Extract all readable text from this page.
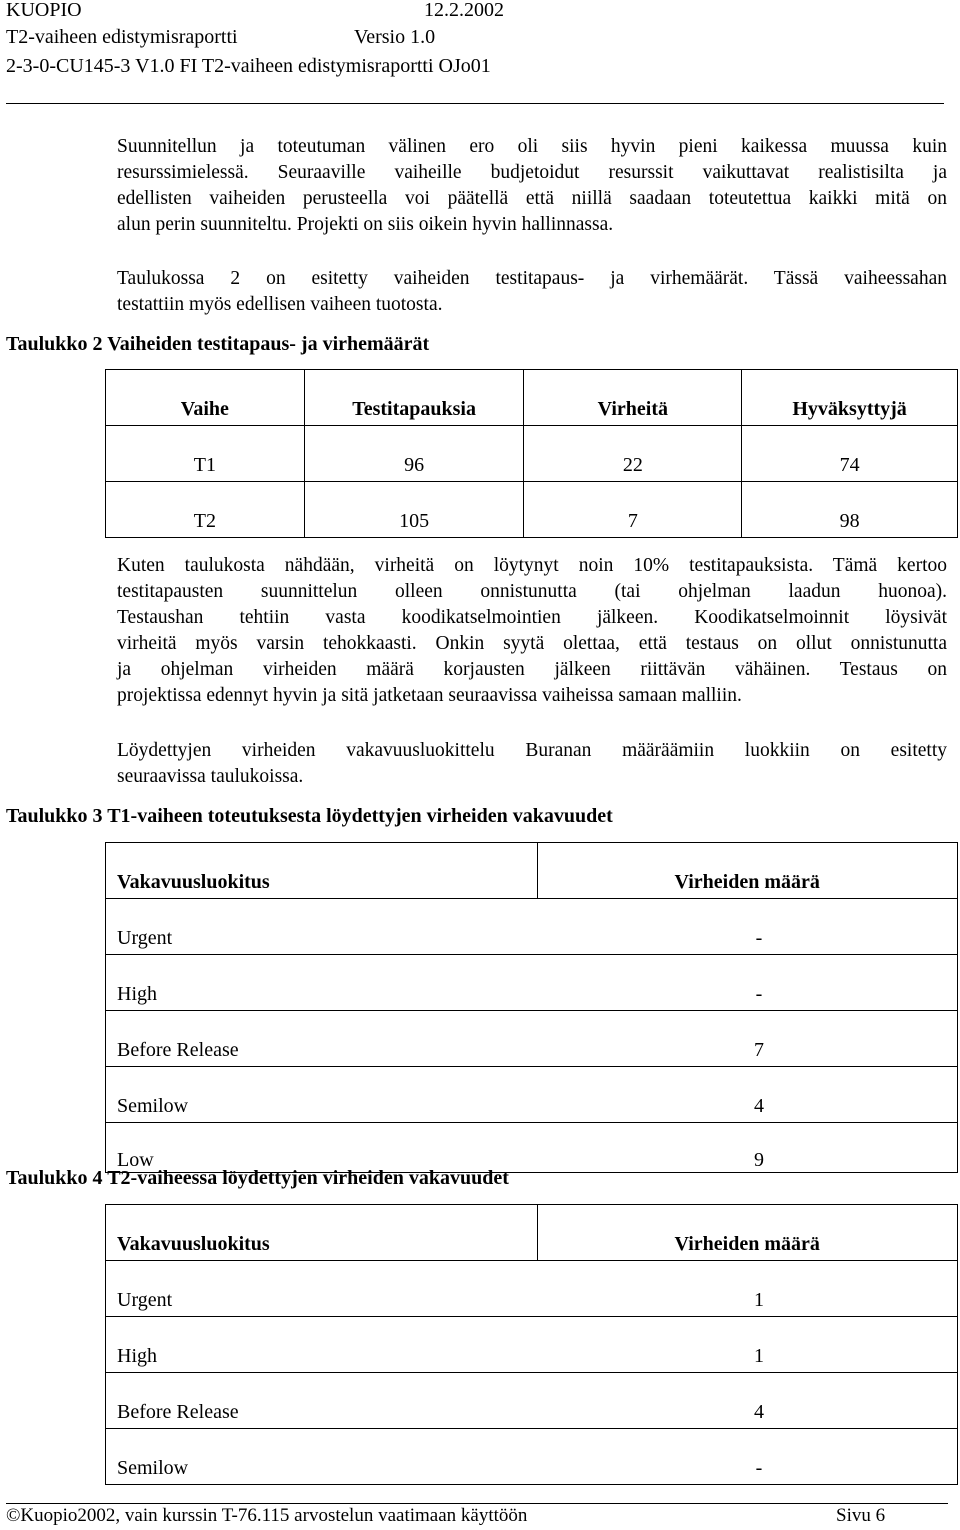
KUOPIO	12.2.2002
T2-vaiheen edistymisraportti	Versio 1.0
2-3-0-CU145-3 V1.0 FI T2-vaiheen edistymisraportti OJo01
Suunnitellun ja toteutuman välinen ero oli siis hyvin pieni kaikessa muussa kuin
resurssimielessä. Seuraaville vaiheille budjetoidut resurssit vaikuttavat realistisilta ja
edellisten vaiheiden perusteella voi päätellä että niillä saadaan toteutettua kaikki mitä on
alun perin suunniteltu. Projekti on siis oikein hyvin hallinnassa.
Taulukossa 2 on esitetty vaiheiden testitapaus- ja virhemäärät. Tässä vaiheessahan
testattiin myös edellisen vaiheen tuotosta.
Taulukko 2 Vaiheiden testitapaus- ja virhemäärät
Vaihe	Testitapauksia	Virheitä	Hyväksyttyjä
T1	96	22	74
T2	105	7	98
Kuten taulukosta nähdään, virheitä on löytynyt noin 10% testitapauksista. Tämä kertoo
testitapausten suunnittelun olleen onnistunutta (tai ohjelman laadun huonoa).
Testaushan tehtiin vasta koodikatselmointien jälkeen. Koodikatselmoinnit löysivät
virheitä myös varsin tehokkaasti. Onkin syytä olettaa, että testaus on ollut onnistunutta
ja ohjelman virheiden määrä korjausten jälkeen riittävän vähäinen. Testaus on
projektissa edennyt hyvin ja sitä jatketaan seuraavissa vaiheissa samaan malliin.
Löydettyjen virheiden vakavuusluokittelu Buranan määräämiin luokkiin on esitetty
seuraavissa taulukoissa.
Taulukko 3 T1-vaiheen toteutuksesta löydettyjen virheiden vakavuudet
Vakavuusluokitus	Virheiden määrä
Urgent	-
High	-
Before Release	7
Semilow	4
Low	9
Taulukko 4 T2-vaiheessa löydettyjen virheiden vakavuudet
Vakavuusluokitus	Virheiden määrä
Urgent	1
High	1
Before Release	4
Semilow	-
©Kuopio2002, vain kurssin T-76.115 arvostelun vaatimaan käyttöön	Sivu 6
